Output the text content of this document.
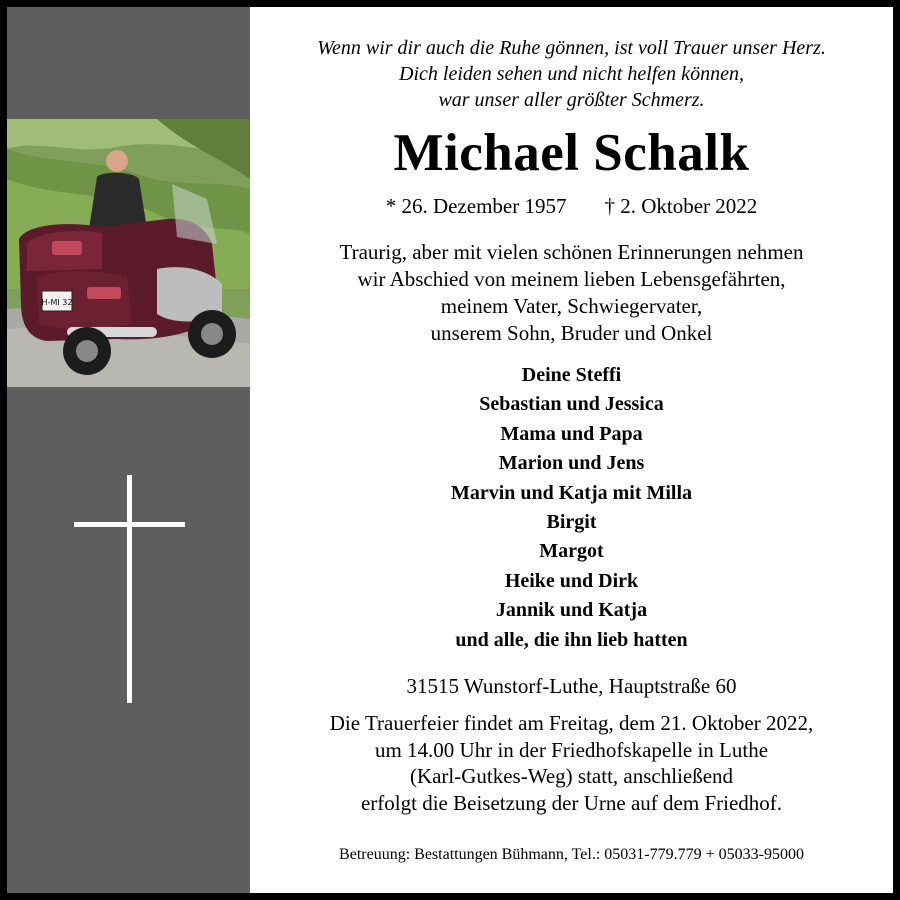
H-MI 32
Wenn wir dir auch die Ruhe gönnen, ist voll Trauer unser Herz.
Dich leiden sehen und nicht helfen können,
war unser aller größter Schmerz.
Michael Schalk
* 26. Dezember 1957 † 2. Oktober 2022
Traurig, aber mit vielen schönen Erinnerungen nehmen
wir Abschied von meinem lieben Lebensgefährten,
meinem Vater, Schwiegervater,
unserem Sohn, Bruder und Onkel
Deine Steffi
Sebastian und Jessica
Mama und Papa
Marion und Jens
Marvin und Katja mit Milla
Birgit
Margot
Heike und Dirk
Jannik und Katja
und alle, die ihn lieb hatten
31515 Wunstorf-Luthe, Hauptstraße 60
Die Trauerfeier findet am Freitag, dem 21. Oktober 2022,
um 14.00 Uhr in der Friedhofskapelle in Luthe
(Karl-Gutkes-Weg) statt, anschließend
erfolgt die Beisetzung der Urne auf dem Friedhof.
Betreuung: Bestattungen Bühmann, Tel.: 05031-779.779 + 05033-95000
